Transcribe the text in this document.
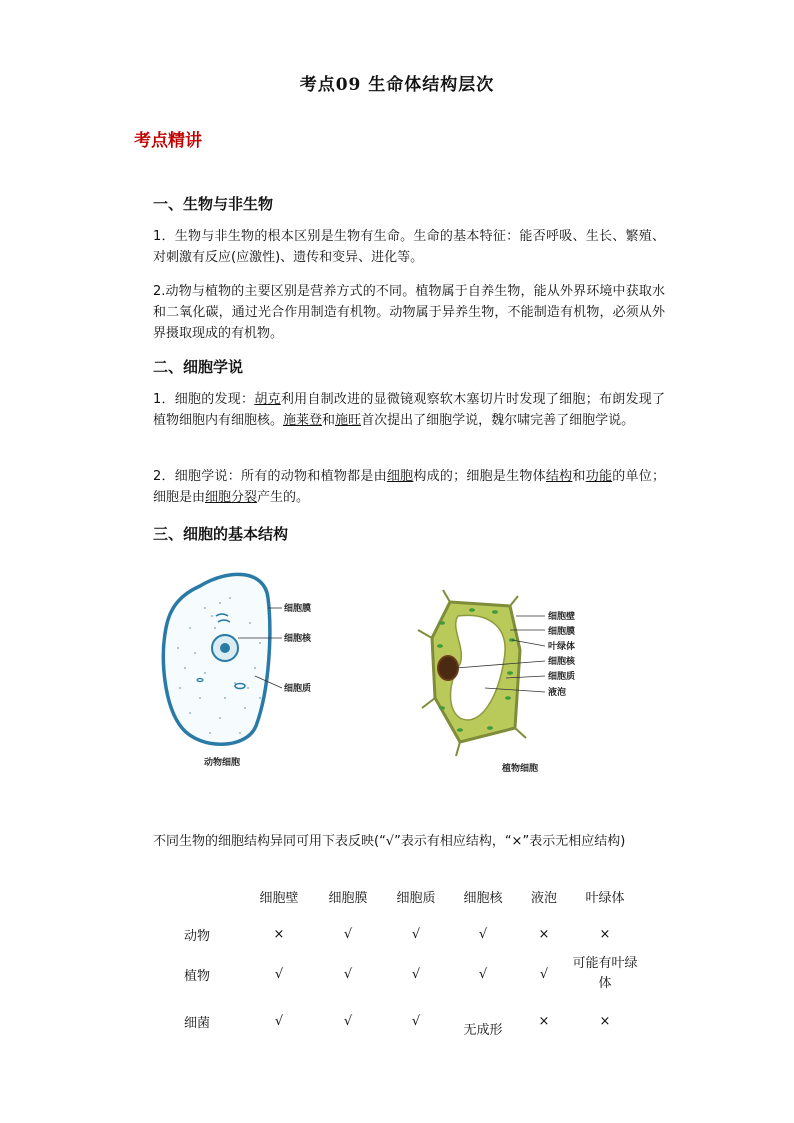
考点09 生命体结构层次
考点精讲
一、生物与非生物

1．生物与非生物的根本区别是生物有生命。生命的基本特征：能否呼吸、生长、繁殖、对刺激有反应(应激性)、遗传和变异、进化等。

2.动物与植物的主要区别是营养方式的不同。植物属于自养生物，能从外界环境中获取水和二氧化碳，通过光合作用制造有机物。动物属于异养生物，不能制造有机物，必须从外界摄取现成的有机物。

二、细胞学说

1．细胞的发现：胡克利用自制改进的显微镜观察软木塞切片时发现了细胞；布朗发现了植物细胞内有细胞核。施莱登和施旺首次提出了细胞学说，魏尔啸完善了细胞学说。

2．细胞学说：所有的动物和植物都是由细胞构成的；细胞是生物体结构和功能的单位；细胞是由细胞分裂产生的。

三、细胞的基本结构
细胞膜
细胞核
细胞质
动物细胞
细胞壁
细胞膜
叶绿体
细胞核
细胞质
液泡
植物细胞
不同生物的细胞结构异同可用下表反映(“√”表示有相应结构，“×”表示无相应结构)
	细胞壁	细胞膜	细胞质	细胞核	液泡	叶绿体
动物	×	√	√	√	×	×
植物	√	√	√	√	√	可能有叶绿体
细菌	√	√	√	无成形	×	×
